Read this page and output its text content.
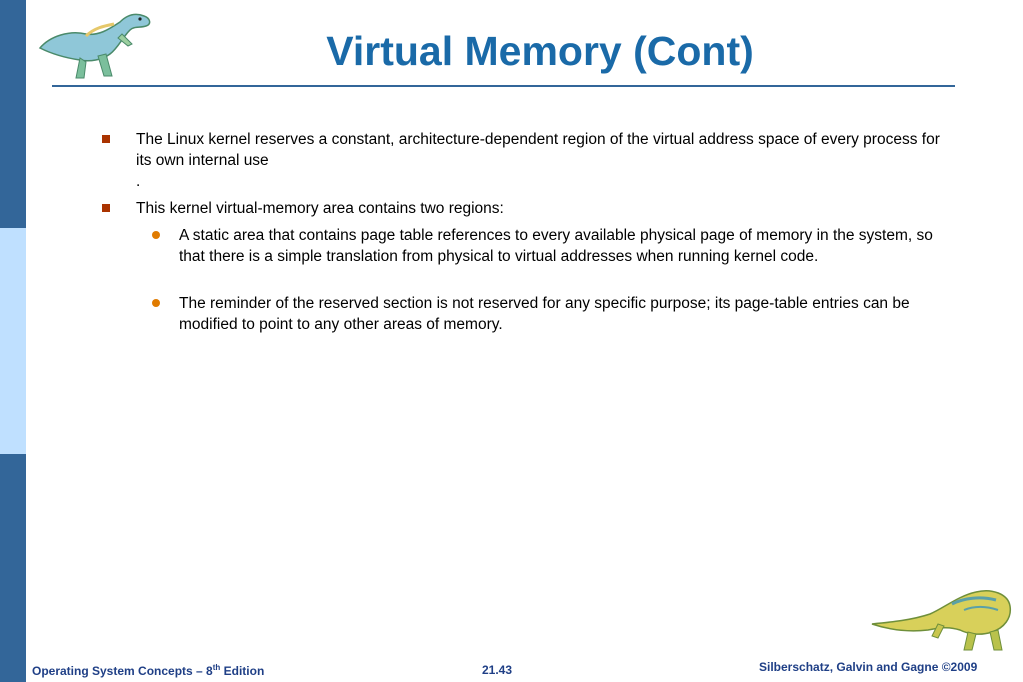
Virtual Memory (Cont)
The Linux kernel reserves a constant, architecture-dependent region of the virtual address space of every process for its own internal use
.
This kernel virtual-memory area contains two regions:
A static area that contains page table references to every available physical page of memory in the system, so that there is a simple translation from physical to virtual addresses when running kernel code.
The reminder of the reserved section is not reserved for any specific purpose; its page-table entries can be modified to point to any other areas of memory.
Operating System Concepts – 8th Edition	21.43	Silberschatz, Galvin and Gagne ©2009
